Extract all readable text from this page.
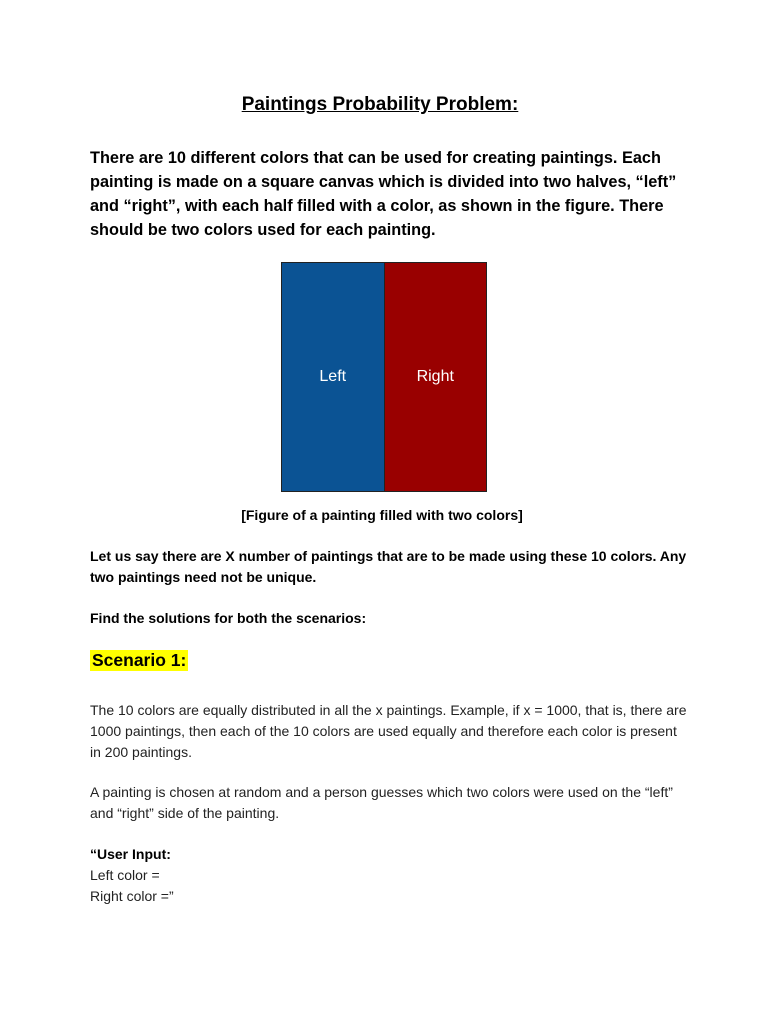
Paintings Probability Problem:
There are 10 different colors that can be used for creating paintings. Each painting is made on a square canvas which is divided into two halves, “left” and “right”, with each half filled with a color, as shown in the figure. There should be two colors used for each painting.
Left	Right
[Figure of a painting filled with two colors]
Let us say there are X number of paintings that are to be made using these 10 colors. Any two paintings need not be unique.
Find the solutions for both the scenarios:
Scenario 1:
The 10 colors are equally distributed in all the x paintings. Example, if x = 1000, that is, there are 1000 paintings, then each of the 10 colors are used equally and therefore each color is present in 200 paintings.
A painting is chosen at random and a person guesses which two colors were used on the “left” and “right” side of the painting.
“User Input:
Left color =
Right color =”
